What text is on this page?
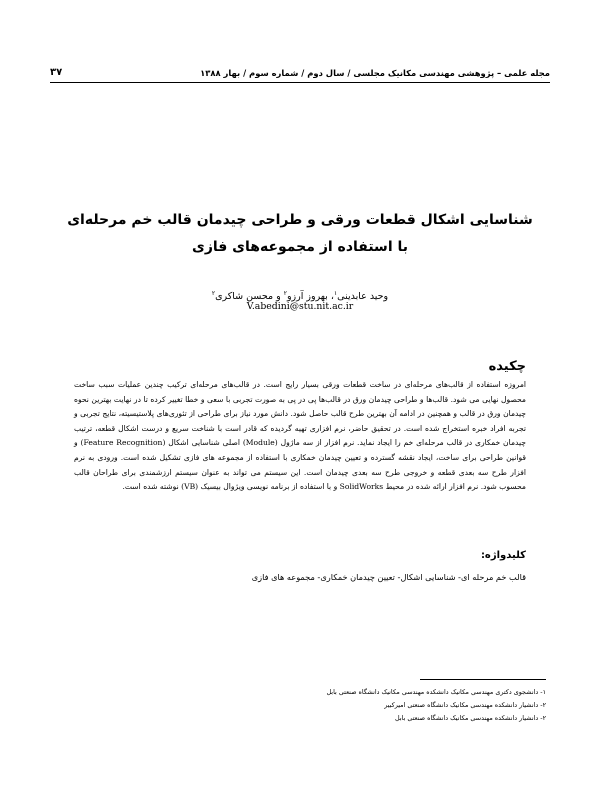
مجله علمی – پژوهشی مهندسی مکانیک مجلسی / سال دوم / شماره سوم / بهار ۱۳۸۸
۳۷
شناسایی اشکال قطعات ورقی و طراحی چیدمان قالب خم مرحله‌ای
با استفاده از مجموعه‌های فازی
وحید عابدینی$^۱$، بهروز آرزو$^۲$ و محسن شاکری$^۲$
V.abedini@stu.nit.ac.ir
چکیده
امروزه استفاده از قالب‌های مرحله‌ای در ساخت قطعات ورقی بسیار رایج است. در قالب‌های مرحله‌ای ترکیب چندین عملیات سبب ساخت محصول نهایی می شود. قالب‌ها و طراحی چیدمان ورق در قالب‌ها پی در پی به صورت تجربی با سعی و خطا تغییر کرده تا در نهایت بهترین نحوه چیدمان ورق در قالب و همچنین در ادامه آن بهترین طرح قالب حاصل شود. دانش مورد نیاز برای طراحی از تئوری‌های پلاستیسیته، نتایج تجربی و تجربه افراد خبره استخراج شده است. در تحقیق حاضر، نرم افزاری تهیه گردیده که قادر است با شناخت سریع و درست اشکال قطعه، ترتیب چیدمان خمکاری در قالب مرحله‌ای خم را ایجاد نماید. نرم افزار از سه ماژول (Module) اصلی شناسایی اشکال (Feature Recognition) و قوانین طراحی برای ساخت، ایجاد نقشه گسترده و تعیین چیدمان خمکاری با استفاده از مجموعه های فازی تشکیل شده است. ورودی به نرم افزار طرح سه بعدی قطعه و خروجی طرح سه بعدی چیدمان است. این سیستم می تواند به عنوان سیستم ارزشمندی برای طراحان قالب محسوب شود. نرم افزار ارائه شده در محیط SolidWorks و با استفاده از برنامه نویسی ویژوال بیسیک (VB) نوشته شده است.
کلیدواژه:
قالب خم مرحله ای- شناسایی اشکال- تعیین چیدمان خمکاری- مجموعه های فازی
۱- دانشجوی دکتری مهندسی مکانیک دانشکده مهندسی مکانیک دانشگاه صنعتی بابل
۲- دانشیار دانشکده مهندسی مکانیک دانشگاه صنعتی امیرکبیر
۲- دانشیار دانشکده مهندسی مکانیک دانشگاه صنعتی بابل
